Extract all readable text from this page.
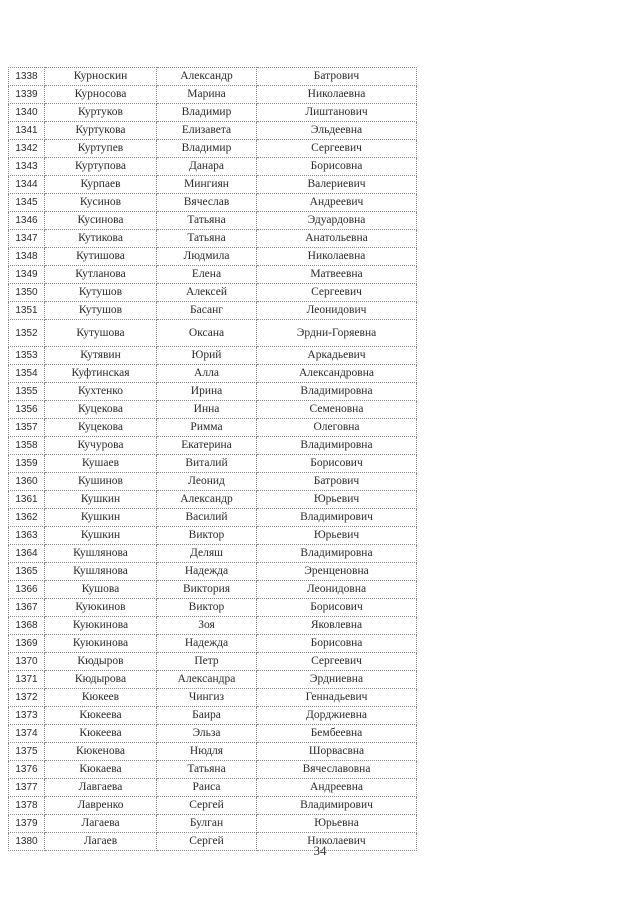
1338	Курноскин	Александр	Батрович
1339	Курносова	Марина	Николаевна
1340	Куртуков	Владимир	Лиштанович
1341	Куртукова	Елизавета	Эльдеевна
1342	Куртупев	Владимир	Сергеевич
1343	Куртупова	Данара	Борисовна
1344	Курпаев	Мингиян	Валериевич
1345	Кусинов	Вячеслав	Андреевич
1346	Кусинова	Татьяна	Эдуардовна
1347	Кутикова	Татьяна	Анатольевна
1348	Кутишова	Людмила	Николаевна
1349	Кутланова	Елена	Матвеевна
1350	Кутушов	Алексей	Сергеевич
1351	Кутушов	Басанг	Леонидович
1352	Кутушова	Оксана	Эрдни-Горяевна
1353	Кутявин	Юрий	Аркадьевич
1354	Куфтинская	Алла	Александровна
1355	Кухтенко	Ирина	Владимировна
1356	Куцекова	Инна	Семеновна
1357	Куцекова	Римма	Олеговна
1358	Кучурова	Екатерина	Владимировна
1359	Кушаев	Виталий	Борисович
1360	Кушинов	Леонид	Батрович
1361	Кушкин	Александр	Юрьевич
1362	Кушкин	Василий	Владимирович
1363	Кушкин	Виктор	Юрьевич
1364	Кушлянова	Деляш	Владимировна
1365	Кушлянова	Надежда	Эренценовна
1366	Кушова	Виктория	Леонидовна
1367	Куюкинов	Виктор	Борисович
1368	Куюкинова	Зоя	Яковлевна
1369	Куюкинова	Надежда	Борисовна
1370	Кюдыров	Петр	Сергеевич
1371	Кюдырова	Александра	Эрдниевна
1372	Кюкеев	Чингиз	Геннадьевич
1373	Кюкеева	Баира	Дорджиевна
1374	Кюкеева	Эльза	Бембеевна
1375	Кюкенова	Нюдля	Шорвасвна
1376	Кюкаева	Татьяна	Вячеславовна
1377	Лавгаева	Раиса	Андреевна
1378	Лавренко	Сергей	Владимирович
1379	Лагаева	Булган	Юрьевна
1380	Лагаев	Сергей	Николаевич
34
